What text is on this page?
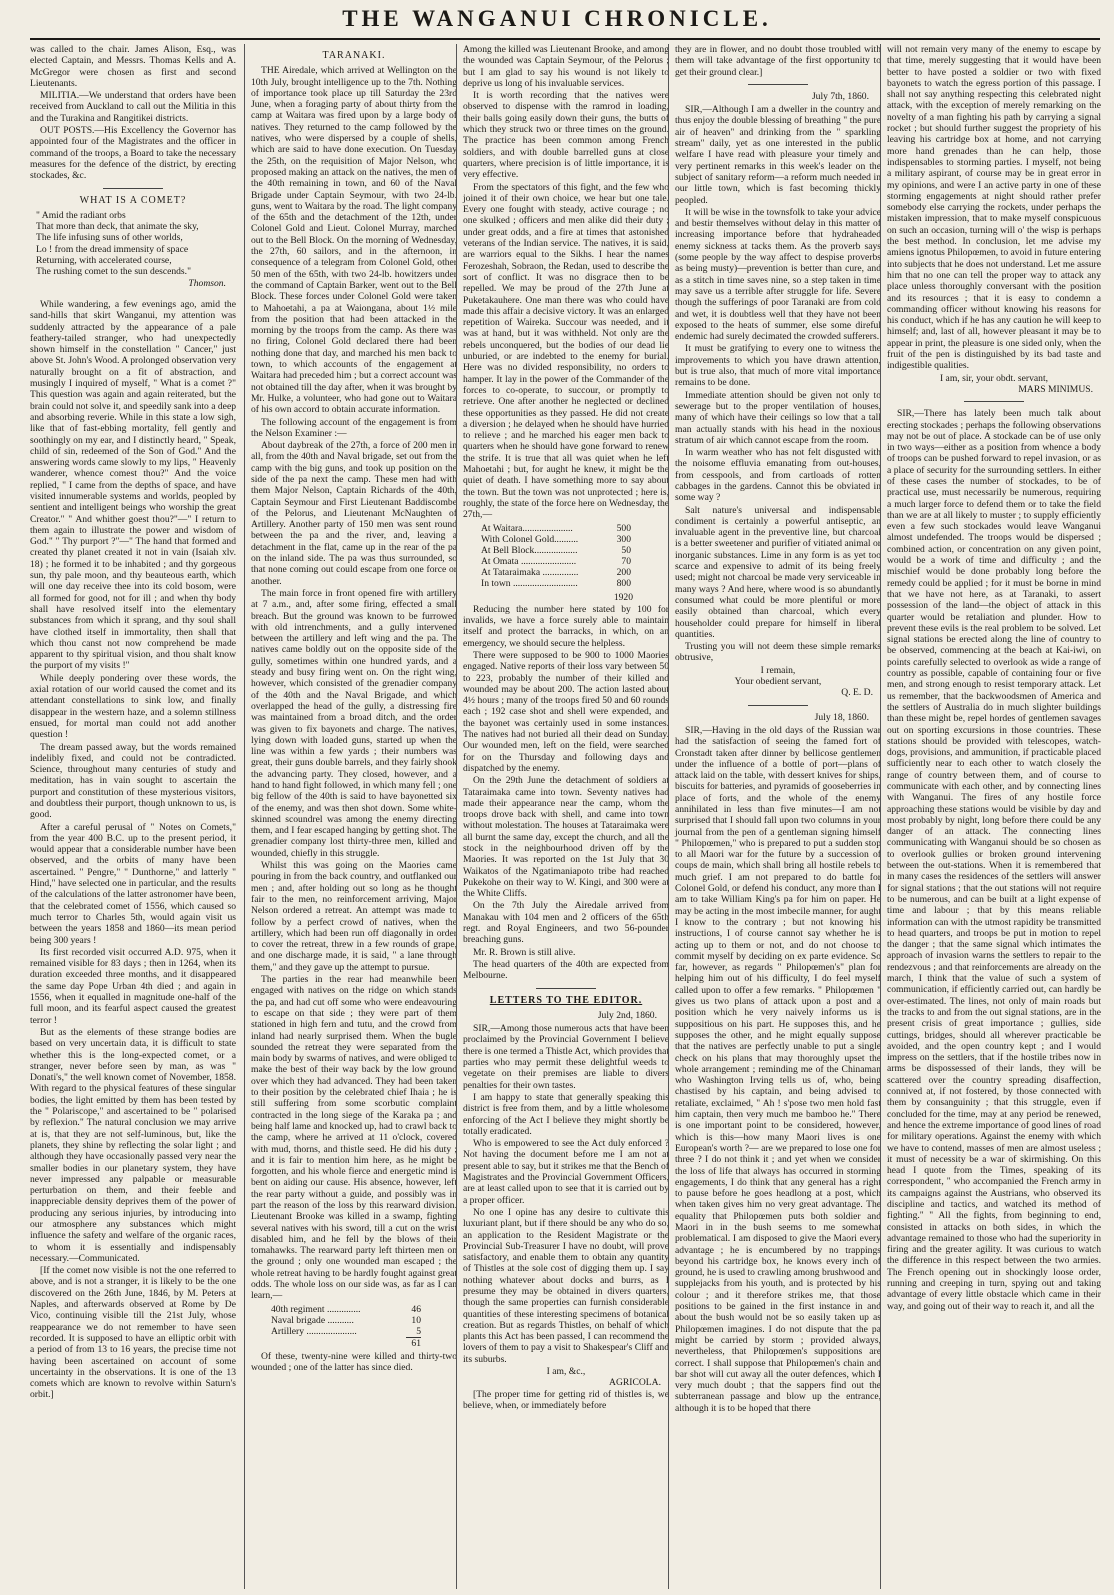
THE WANGANUI CHRONICLE.

was called to the chair. James Alison, Esq., was elected Captain, and Messrs. Thomas Kells and A. McGregor were chosen as first and second Lieutenants.

MILITIA.—We understand that orders have been received from Auckland to call out the Militia in this and the Turakina and Rangitikei districts.

OUT POSTS.—His Excellency the Governor has appointed four of the Magistrates and the officer in command of the troops, a Board to take the necessary measures for the defence of the district, by erecting stockades, &c.

WHAT IS A COMET?
" Amid the radiant orbs
That more than deck, that animate the sky,
The life infusing suns of other worlds,
Lo ! from the dread immensity of space
Returning, with accelerated course,
The rushing comet to the sun descends."
Thomson.

While wandering, a few evenings ago, amid the sand-hills that skirt Wanganui, my attention was suddenly attracted by the appearance of a pale feathery-tailed stranger, who had unexpectedly shown himself in the constellation " Cancer," just above St. John's Wood. A prolonged observation very naturally brought on a fit of abstraction, and musingly I inquired of myself, " What is a comet ?" This question was again and again reiterated, but the brain could not solve it, and speedily sank into a deep and absorbing reverie. While in this state a low sigh, like that of fast-ebbing mortality, fell gently and soothingly on my ear, and I distinctly heard, " Speak, child of sin, redeemed of the Son of God." And the answering words came slowly to my lips, " Heavenly wanderer, whence comest thou?" And the voice replied, " I came from the depths of space, and have visited innumerable systems and worlds, peopled by sentient and intelligent beings who worship the great Creator." " And whither goest thou?"—" I return to them again to illustrate the power and wisdom of God." " Thy purport ?"—" The hand that formed and created thy planet created it not in vain (Isaiah xlv. 18) ; he formed it to be inhabited ; and thy gorgeous sun, thy pale moon, and thy beauteous earth, which will one day receive thee into its cold bosom, were all formed for good, not for ill ; and when thy body shall have resolved itself into the elementary substances from which it sprang, and thy soul shall have clothed itself in immortality, then shall that which thou canst not now comprehend be made apparent to thy spiritual vision, and thou shalt know the purport of my visits !"

While deeply pondering over these words, the axial rotation of our world caused the comet and its attendant constellations to sink low, and finally disappear in the western haze, and a solemn stillness ensued, for mortal man could not add another question !

The dream passed away, but the words remained indelibly fixed, and could not be contradicted. Science, throughout many centuries of study and meditation, has in vain sought to ascertain the purport and constitution of these mysterious visitors, and doubtless their purport, though unknown to us, is good.

After a careful perusal of " Notes on Comets," from the year 400 B.C. up to the present period, it would appear that a considerable number have been observed, and the orbits of many have been ascertained. " Pengre," " Dunthorne," and latterly " Hind," have selected one in particular, and the results of the calculations of the latter astronomer have been, that the celebrated comet of 1556, which caused so much terror to Charles 5th, would again visit us between the years 1858 and 1860—its mean period being 300 years !

Its first recorded visit occurred A.D. 975, when it remained visible for 83 days ; then in 1264, when its duration exceeded three months, and it disappeared the same day Pope Urban 4th died ; and again in 1556, when it equalled in magnitude one-half of the full moon, and its fearful aspect caused the greatest terror !

But as the elements of these strange bodies are based on very uncertain data, it is difficult to state whether this is the long-expected comet, or a stranger, never before seen by man, as was " Donati's," the well known comet of November, 1858. With regard to the physical features of these singular bodies, the light emitted by them has been tested by the " Polariscope," and ascertained to be " polarised by reflexion." The natural conclusion we may arrive at is, that they are not self-luminous, but, like the planets, they shine by reflecting the solar light ; and although they have occasionally passed very near the smaller bodies in our planetary system, they have never impressed any palpable or measurable perturbation on them, and their feeble and inappreciable density deprives them of the power of producing any serious injuries, by introducing into our atmosphere any substances which might influence the safety and welfare of the organic races, to whom it is essentially and indispensably necessary.—Communicated.

[If the comet now visible is not the one referred to above, and is not a stranger, it is likely to be the one discovered on the 26th June, 1846, by M. Peters at Naples, and afterwards observed at Rome by De Vico, continuing visible till the 21st July, whose reappearance we do not remember to have seen recorded. It is supposed to have an elliptic orbit with a period of from 13 to 16 years, the precise time not having been ascertained on account of some uncertainty in the observations. It is one of the 13 comets which are known to revolve within Saturn's orbit.]

TARANAKI.

THE Airedale, which arrived at Wellington on the 10th July, brought intelligence up to the 7th. Nothing of importance took place up till Saturday the 23rd June, when a foraging party of about thirty from the camp at Waitara was fired upon by a large body of natives. They returned to the camp followed by the natives, who were dispersed by a couple of shells, which are said to have done execution. On Tuesday the 25th, on the requisition of Major Nelson, who proposed making an attack on the natives, the men of the 40th remaining in town, and 60 of the Naval Brigade under Captain Seymour, with two 24-lb. guns, went to Waitara by the road. The light company of the 65th and the detachment of the 12th, under Colonel Gold and Lieut. Colonel Murray, marched out to the Bell Block. On the morning of Wednesday, the 27th, 60 sailors, and in the afternoon, in consequence of a telegram from Colonel Gold, other 50 men of the 65th, with two 24-lb. howitzers under the command of Captain Barker, went out to the Bell Block. These forces under Colonel Gold were taken to Mahoetahi, a pa at Waiongana, about 1½ mile from the position that had been attacked in the morning by the troops from the camp. As there was no firing, Colonel Gold declared there had been nothing done that day, and marched his men back to town, to which accounts of the engagement at Waitara had preceded him ; but a correct account was not obtained till the day after, when it was brought by Mr. Hulke, a volunteer, who had gone out to Waitara of his own accord to obtain accurate information.

The following account of the engagement is from the Nelson Examiner :—

About daybreak of the 27th, a force of 200 men in all, from the 40th and Naval brigade, set out from the camp with the big guns, and took up position on the side of the pa next the camp. These men had with them Major Nelson, Captain Richards of the 40th, Captain Seymour and First Lieutenant Baddiscombe of the Pelorus, and Lieutenant McNaughten of Artillery. Another party of 150 men was sent round between the pa and the river, and, leaving a detachment in the flat, came up in the rear of the pa on the inland side. The pa was thus surrounded, so that none coming out could escape from one force or another.

The main force in front opened fire with artillery at 7 a.m., and, after some firing, effected a small breach. But the ground was known to be furrowed with old intrenchments, and a gully intervened between the artillery and left wing and the pa. The natives came boldly out on the opposite side of the gully, sometimes within one hundred yards, and a steady and busy firing went on. On the right wing, however, which consisted of the grenadier company of the 40th and the Naval Brigade, and which overlapped the head of the gully, a distressing fire was maintained from a broad ditch, and the order was given to fix bayonets and charge. The natives, lying down with loaded guns, started up when the line was within a few yards ; their numbers was great, their guns double barrels, and they fairly shook the advancing party. They closed, however, and a hand to hand fight followed, in which many fell ; one big fellow of the 40th is said to have bayonetted six of the enemy, and was then shot down. Some white-skinned scoundrel was among the enemy directing them, and I fear escaped hanging by getting shot. The grenadier company lost thirty-three men, killed and wounded, chiefly in this struggle.

Whilst this was going on the Maories came pouring in from the back country, and outflanked our men ; and, after holding out so long as he thought fair to the men, no reinforcement arriving, Major Nelson ordered a retreat. An attempt was made to follow by a perfect crowd of natives, when the artillery, which had been run off diagonally in order to cover the retreat, threw in a few rounds of grape, and one discharge made, it is said, " a lane through them," and they gave up the attempt to pursue.

The parties in the rear had meanwhile been engaged with natives on the ridge on which stands the pa, and had cut off some who were endeavouring to escape on that side ; they were part of them stationed in high fern and tutu, and the crowd from inland had nearly surprised them. When the bugle sounded the retreat they were separated from the main body by swarms of natives, and were obliged to make the best of their way back by the low ground over which they had advanced. They had been taken to their position by the celebrated chief Ihaia ; he is still suffering from some scorbutic complaint contracted in the long siege of the Karaka pa ; and being half lame and knocked up, had to crawl back to the camp, where he arrived at 11 o'clock, covered with mud, thorns, and thistle seed. He did his duty ; and it is fair to mention him here, as he might be forgotten, and his whole fierce and energetic mind is bent on aiding our cause. His absence, however, left the rear party without a guide, and possibly was in part the reason of the loss by this rearward division. Lieutenant Brooke was killed in a swamp, fighting several natives with his sword, till a cut on the wrist disabled him, and he fell by the blows of their tomahawks. The rearward party left thirteen men on the ground ; only one wounded man escaped ; the whole retreat having to be hardly fought against great odds. The whole loss on our side was, as far as I can learn,—

40th regiment ..............	46
Naval brigade ...........	10
Artillery .....................	5
	61

Of these, twenty-nine were killed and thirty-two wounded ; one of the latter has since died.

Among the killed was Lieutenant Brooke, and among the wounded was Captain Seymour, of the Pelorus ; but I am glad to say his wound is not likely to deprive us long of his invaluable services.

It is worth recording that the natives were observed to dispense with the ramrod in loading, their balls going easily down their guns, the butts of which they struck two or three times on the ground. The practice has been common among French soldiers, and with double barrelled guns at close quarters, where precision is of little importance, it is very effective.

From the spectators of this fight, and the few who joined it of their own choice, we hear but one tale. Every one fought with steady, active courage ; no one skulked ; officers and men alike did their duty ; under great odds, and a fire at times that astonished veterans of the Indian service. The natives, it is said, are warriors equal to the Sikhs. I hear the names Ferozeshah, Sobraon, the Redan, used to describe the sort of conflict. It was no disgrace then to be repelled. We may be proud of the 27th June at Puketakauhere. One man there was who could have made this affair a decisive victory. It was an enlarged repetition of Waireka. Succour was needed, and it was at hand, but it was withheld. Not only are the rebels unconquered, but the bodies of our dead lie unburied, or are indebted to the enemy for burial. Here was no divided responsibility, no orders to hamper. It lay in the power of the Commander of the forces to co-operate, to succour, or promptly to retrieve. One after another he neglected or declined these opportunities as they passed. He did not create a diversion ; he delayed when he should have hurried to relieve ; and he marched his eager men back to quarters when he should have gone forward to renew the strife. It is true that all was quiet when he left Mahoetahi ; but, for aught he knew, it might be the quiet of death. I have something more to say about the town. But the town was not unprotected ; here is, roughly, the state of the force here on Wednesday, the 27th,—

At Waitara.....................	500
With Colonel Gold..........	300
At Bell Block..................	50
At Omata .......................	70
At Tataraimaka ...............	200
In town ...........................	800
1920

Reducing the number here stated by 100 for invalids, we have a force surely able to maintain itself and protect the barracks, in which, on an emergency, we should secure the helpless.

There were supposed to be 900 to 1000 Maories engaged. Native reports of their loss vary between 50 to 223, probably the number of their killed and wounded may be about 200. The action lasted about 4½ hours ; many of the troops fired 50 and 60 rounds each ; 192 case shot and shell were expended, and the bayonet was certainly used in some instances. The natives had not buried all their dead on Sunday. Our wounded men, left on the field, were searched for on the Thursday and following days and dispatched by the enemy.

On the 29th June the detachment of soldiers at Tataraimaka came into town. Seventy natives had made their appearance near the camp, whom the troops drove back with shell, and came into town without molestation. The houses at Tataraimaka were all burnt the same day, except the church, and all the stock in the neighbourhood driven off by the Maories. It was reported on the 1st July that 30 Waikatos of the Ngatimaniapoto tribe had reached Pukekohe on their way to W. Kingi, and 300 were at the White Cliffs.

On the 7th July the Airedale arrived from Manakau with 104 men and 2 officers of the 65th regt. and Royal Engineers, and two 56-pounder breaching guns.

Mr. R. Brown is still alive.

The head quarters of the 40th are expected from Melbourne.

LETTERS TO THE EDITOR.
July 2nd, 1860.

SIR,—Among those numerous acts that have been proclaimed by the Provincial Government I believe there is one termed a Thistle Act, which provides that parties who may permit these delightful weeds to vegetate on their premises are liable to divers penalties for their own tastes.

I am happy to state that generally speaking this district is free from them, and by a little wholesome enforcing of the Act I believe they might shortly be totally eradicated.

Who is empowered to see the Act duly enforced ? Not having the document before me I am not at present able to say, but it strikes me that the Bench of Magistrates and the Provincial Government Officers, are at least called upon to see that it is carried out by a proper officer.

No one I opine has any desire to cultivate this luxuriant plant, but if there should be any who do so, an application to the Resident Magistrate or the Provincial Sub-Treasurer I have no doubt, will prove satisfactory, and enable them to obtain any quantity of Thistles at the sole cost of digging them up. I say nothing whatever about docks and burrs, as I presume they may be obtained in divers quarters, though the same properties can furnish considerable quantities of these interesting specimens of botanical creation. But as regards Thistles, on behalf of which plants this Act has been passed, I can recommend the lovers of them to pay a visit to Shakespear's Cliff and its suburbs.

I am, &c.,
AGRICOLA.

[The proper time for getting rid of thistles is, we believe, when, or immediately before

they are in flower, and no doubt those troubled with them will take advantage of the first opportunity to get their ground clear.]

July 7th, 1860.

SIR,—Although I am a dweller in the country and thus enjoy the double blessing of breathing " the pure air of heaven" and drinking from the " sparkling stream" daily, yet as one interested in the public welfare I have read with pleasure your timely and very pertinent remarks in this week's leader on the subject of sanitary reform—a reform much needed in our little town, which is fast becoming thickly peopled.

It will be wise in the townsfolk to take your advice and bestir themselves without delay in this matter of increasing importance before that hydraheaded enemy sickness at tacks them. As the proverb says (some people by the way affect to despise proverbs as being musty)—prevention is better than cure, and as a stitch in time saves nine, so a step taken in time may save us a terrible after struggle for life. Severe though the sufferings of poor Taranaki are from cold and wet, it is doubtless well that they have not been exposed to the heats of summer, else some direful endemic had surely decimated the crowded sufferers.

It must be gratifying to every one to witness the improvements to which you have drawn attention, but is true also, that much of more vital importance remains to be done.

Immediate attention should be given not only to sewerage but to the proper ventilation of houses, many of which have their ceilings so low that a tall man actually stands with his head in the noxious stratum of air which cannot escape from the room.

In warm weather who has not felt disgusted with the noisome effluvia emanating from out-houses, from cesspools, and from cartloads of rotten cabbages in the gardens. Cannot this be obviated in some way ?

Salt nature's universal and indispensable condiment is certainly a powerful antiseptic, an invaluable agent in the preventive line, but charcoal is a better sweetener and purifier of vitiated animal or inorganic substances. Lime in any form is as yet too scarce and expensive to admit of its being freely used; might not charcoal be made very serviceable in many ways ? And here, where wood is so abundantly consumed what could be more plentiful or more easily obtained than charcoal, which every householder could prepare for himself in liberal quantities.

Trusting you will not deem these simple remarks obtrusive,

I remain,
Your obedient servant,
Q. E. D.
July 18, 1860.

SIR,—Having in the old days of the Russian war had the satisfaction of seeing the famed fort of Cronstadt taken after dinner by bellicose gentlemen under the influence of a bottle of port—plans of attack laid on the table, with dessert knives for ships, biscuits for batteries, and pyramids of gooseberries in place of forts, and the whole of the enemy annihilated in less than five minutes—I am not surprised that I should fall upon two columns in your journal from the pen of a gentleman signing himself " Philopœmen," who is prepared to put a sudden stop to all Maori war for the future by a succession of coups de main, which shall bring all hostile rebels to much grief. I am not prepared to do battle for Colonel Gold, or defend his conduct, any more than I am to take William King's pa for him on paper. He may be acting in the most imbecile manner, for aught I know to the contrary ; but not knowing his instructions, I of course cannot say whether he is acting up to them or not, and do not choose to commit myself by deciding on ex parte evidence. So far, however, as regards " Philopœmen's" plan for helping him out of his difficulty, I do feel myself called upon to offer a few remarks. " Philopœmen " gives us two plans of attack upon a post and a position which he very naively informs us is suppositious on his part. He supposes this, and he supposes the other, and he might equally suppose that the natives are perfectly unable to put a single check on his plans that may thoroughly upset the whole arrangement ; reminding me of the Chinaman who Washington Irving tells us of, who, being chastised by his captain, and being advised to retaliate, exclaimed, " Ah ! s'pose two men hold fast him captain, then very much me bamboo he." There is one important point to be considered, however, which is this—how many Maori lives is one European's worth ?— are we prepared to lose one for three ? I do not think it ; and yet when we consider the loss of life that always has occurred in storming engagements, I do think that any general has a right to pause before he goes headlong at a post, which when taken gives him no very great advantage. The equality that Philopœmen puts both soldier and Maori in in the bush seems to me somewhat problematical. I am disposed to give the Maori every advantage ; he is encumbered by no trappings beyond his cartridge box, he knows every inch of ground, he is used to crawling among brushwood and supplejacks from his youth, and is protected by his colour ; and it therefore strikes me, that those positions to be gained in the first instance in and about the bush would not be so easily taken up as Philopœmen imagines. I do not dispute that the pa might be carried by storm ; provided always, nevertheless, that Philopœmen's suppositions are correct. I shall suppose that Philopœmen's chain and bar shot will cut away all the outer defences, which I very much doubt ; that the sappers find out the subterranean passage and blow up the entrance, although it is to be hoped that there

will not remain very many of the enemy to escape by that time, merely suggesting that it would have been better to have posted a soldier or two with fixed bayonets to watch the egress portion of this passage. I shall not say anything respecting this celebrated night attack, with the exception of merely remarking on the novelty of a man fighting his path by carrying a signal rocket ; but should further suggest the propriety of his leaving his cartridge box at home, and not carrying more hand grenades than he can help, those indispensables to storming parties. I myself, not being a military aspirant, of course may be in great error in my opinions, and were I an active party in one of these storming engagements at night should rather prefer somebody else carrying the rockets, under perhaps the mistaken impression, that to make myself conspicuous on such an occasion, turning will o' the wisp is perhaps the best method. In conclusion, let me advise my amiens ignotus Philopœmen, to avoid in future entering into subjects that he does not understand. Let me assure him that no one can tell the proper way to attack any place unless thoroughly conversant with the position and its resources ; that it is easy to condemn a commanding officer without knowing his reasons for his conduct, which if he has any caution he will keep to himself; and, last of all, however pleasant it may be to appear in print, the pleasure is one sided only, when the fruit of the pen is distinguished by its bad taste and indigestible qualities.

I am, sir, your obdt. servant,
MARS MINIMUS.

SIR,—There has lately been much talk about erecting stockades ; perhaps the following observations may not be out of place. A stockade can be of use only in two ways—either as a position from whence a body of troops can be pushed forward to repel invasion, or as a place of security for the surrounding settlers. In either of these cases the number of stockades, to be of practical use, must necessarily be numerous, requiring a much larger force to defend them or to take the field than we are at all likely to muster ; to supply efficiently even a few such stockades would leave Wanganui almost undefended. The troops would be dispersed ; combined action, or concentration on any given point, would be a work of time and difficulty ; and the mischief would be done probably long before the remedy could be applied ; for it must be borne in mind that we have not here, as at Taranaki, to assert possession of the land—the object of attack in this quarter would be retaliation and plunder. How to prevent these evils is the real problem to be solved. Let signal stations be erected along the line of country to be observed, commencing at the beach at Kai-iwi, on points carefully selected to overlook as wide a range of country as possible, capable of containing four or five men, and strong enough to resist temporary attack. Let us remember, that the backwoodsmen of America and the settlers of Australia do in much slighter buildings than these might be, repel hordes of gentlemen savages out on sporting excursions in those countries. These stations should be provided with telescopes, watch-dogs, provisions, and ammunition, if practicable placed sufficiently near to each other to watch closely the range of country between them, and of course to communicate with each other, and by connecting lines with Wanganui. The fires of any hostile force approaching these stations would be visible by day and most probably by night, long before there could be any danger of an attack. The connecting lines communicating with Wanganui should be so chosen as to overlook gullies or broken ground intervening between the out-stations. When it is remembered that in many cases the residences of the settlers will answer for signal stations ; that the out stations will not require to be numerous, and can be built at a light expense of time and labour ; that by this means reliable information can with the utmost rapidity be transmitted to head quarters, and troops be put in motion to repel the danger ; that the same signal which intimates the approach of invasion warns the settlers to repair to the rendezvous ; and that reinforcements are already on the march, I think that the value of such a system of communication, if efficiently carried out, can hardly be over-estimated. The lines, not only of main roads but the tracks to and from the out signal stations, are in the present crisis of great importance ; gullies, side cuttings, bridges, should all wherever practicable be avoided, and the open country kept ; and I would impress on the settlers, that if the hostile tribes now in arms be dispossessed of their lands, they will be scattered over the country spreading disaffection, connived at, if not fostered, by those connected with them by consanguinity ; that this struggle, even if concluded for the time, may at any period be renewed, and hence the extreme importance of good lines of road for military operations. Against the enemy with which we have to contend, masses of men are almost useless ; it must of necessity be a war of skirmishing. On this head I quote from the Times, speaking of its correspondent, " who accompanied the French army in its campaigns against the Austrians, who observed its discipline and tactics, and watched its method of fighting." " All the fights, from beginning to end, consisted in attacks on both sides, in which the advantage remained to those who had the superiority in firing and the greater agility. It was curious to watch the difference in this respect between the two armies. The French opening out in shockingly loose order, running and creeping in turn, spying out and taking advantage of every little obstacle which came in their way, and going out of their way to reach it, and all the
